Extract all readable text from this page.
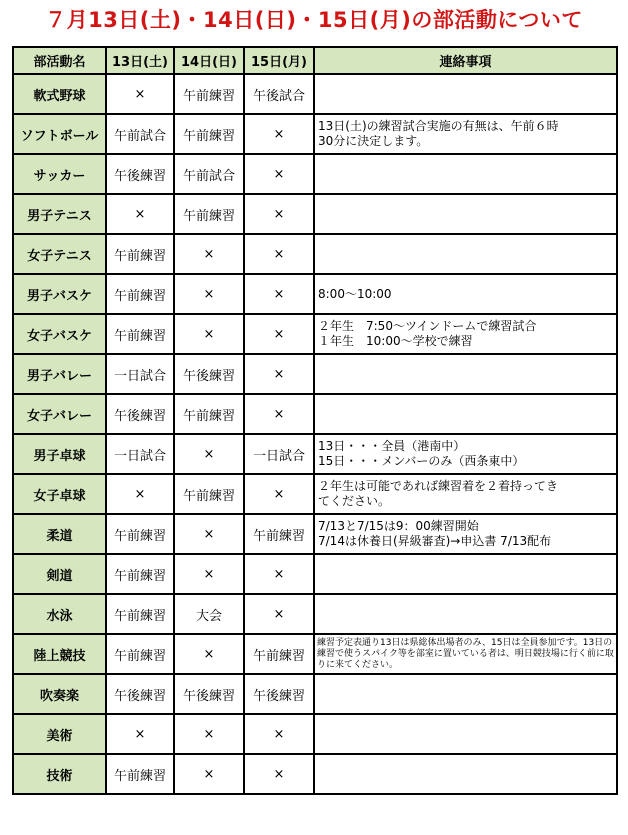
７月13日(土)・14日(日)・15日(月)の部活動について
部活動名	13日(土)	14日(日)	15日(月)	連絡事項
軟式野球	×	午前練習	午後試合	
ソフトボール	午前試合	午前練習	×	13日(土)の練習試合実施の有無は、午前６時
30分に決定します。

サッカー	午後練習	午前試合	×	
男子テニス	×	午前練習	×	
女子テニス	午前練習	×	×	
男子バスケ	午前練習	×	×	8:00〜10:00

女子バスケ	午前練習	×	×	２年生　7:50〜ツインドームで練習試合
１年生　10:00〜学校で練習

男子バレー	一日試合	午後練習	×	
女子バレー	午後練習	午前練習	×	
男子卓球	一日試合	×	一日試合	13日・・・全員（港南中）
15日・・・メンバーのみ（西条東中）

女子卓球	×	午前練習	×	２年生は可能であれば練習着を２着持ってき
てください。

柔道	午前練習	×	午前練習	7/13と7/15は9：00練習開始
7/14は休養日(昇級審査)→申込書 7/13配布

剣道	午前練習	×	×	
水泳	午前練習	大会	×	
陸上競技	午前練習	×	午前練習	練習予定表通り13日は県総体出場者のみ、15日は全員参加です。13日の練習で使うスパイク等を部室に置いている者は、明日競技場に行く前に取りに来てください。

吹奏楽	午後練習	午後練習	午後練習	
美術	×	×	×	
技術	午前練習	×	×	
